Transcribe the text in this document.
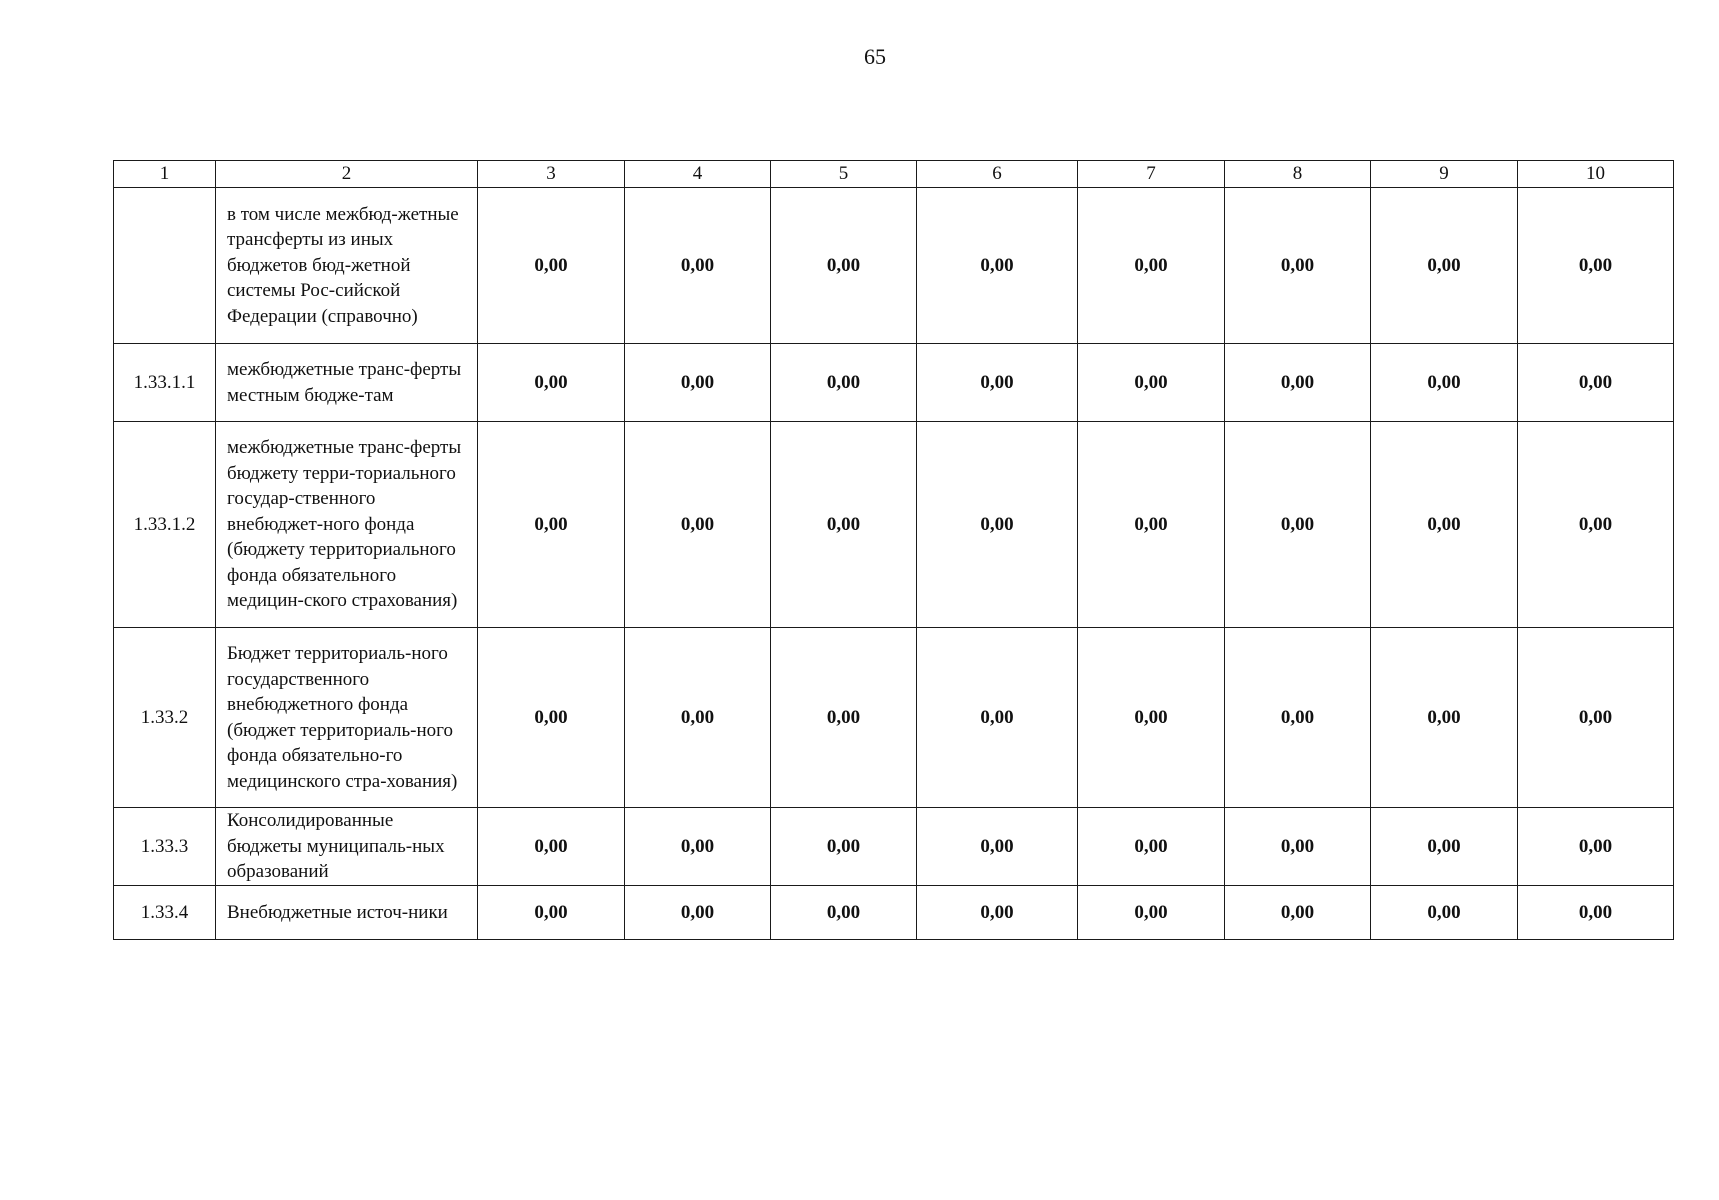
65
1	2	3	4	5	6	7	8	9	10
	в том числе межбюд-жетные трансферты из иных бюджетов бюд-жетной системы Рос-сийской Федерации (справочно)	0,00	0,00	0,00	0,00	0,00	0,00	0,00	0,00
1.33.1.1	межбюджетные транс-ферты местным бюдже-там	0,00	0,00	0,00	0,00	0,00	0,00	0,00	0,00
1.33.1.2	межбюджетные транс-ферты бюджету терри-ториального государ-ственного внебюджет-ного фонда (бюджету территориального фонда обязательного медицин-ского страхования)	0,00	0,00	0,00	0,00	0,00	0,00	0,00	0,00
1.33.2	Бюджет территориаль-ного государственного внебюджетного фонда (бюджет территориаль-ного фонда обязательно-го медицинского стра-хования)	0,00	0,00	0,00	0,00	0,00	0,00	0,00	0,00
1.33.3	Консолидированные бюджеты муниципаль-ных образований	0,00	0,00	0,00	0,00	0,00	0,00	0,00	0,00
1.33.4	Внебюджетные источ-ники	0,00	0,00	0,00	0,00	0,00	0,00	0,00	0,00
